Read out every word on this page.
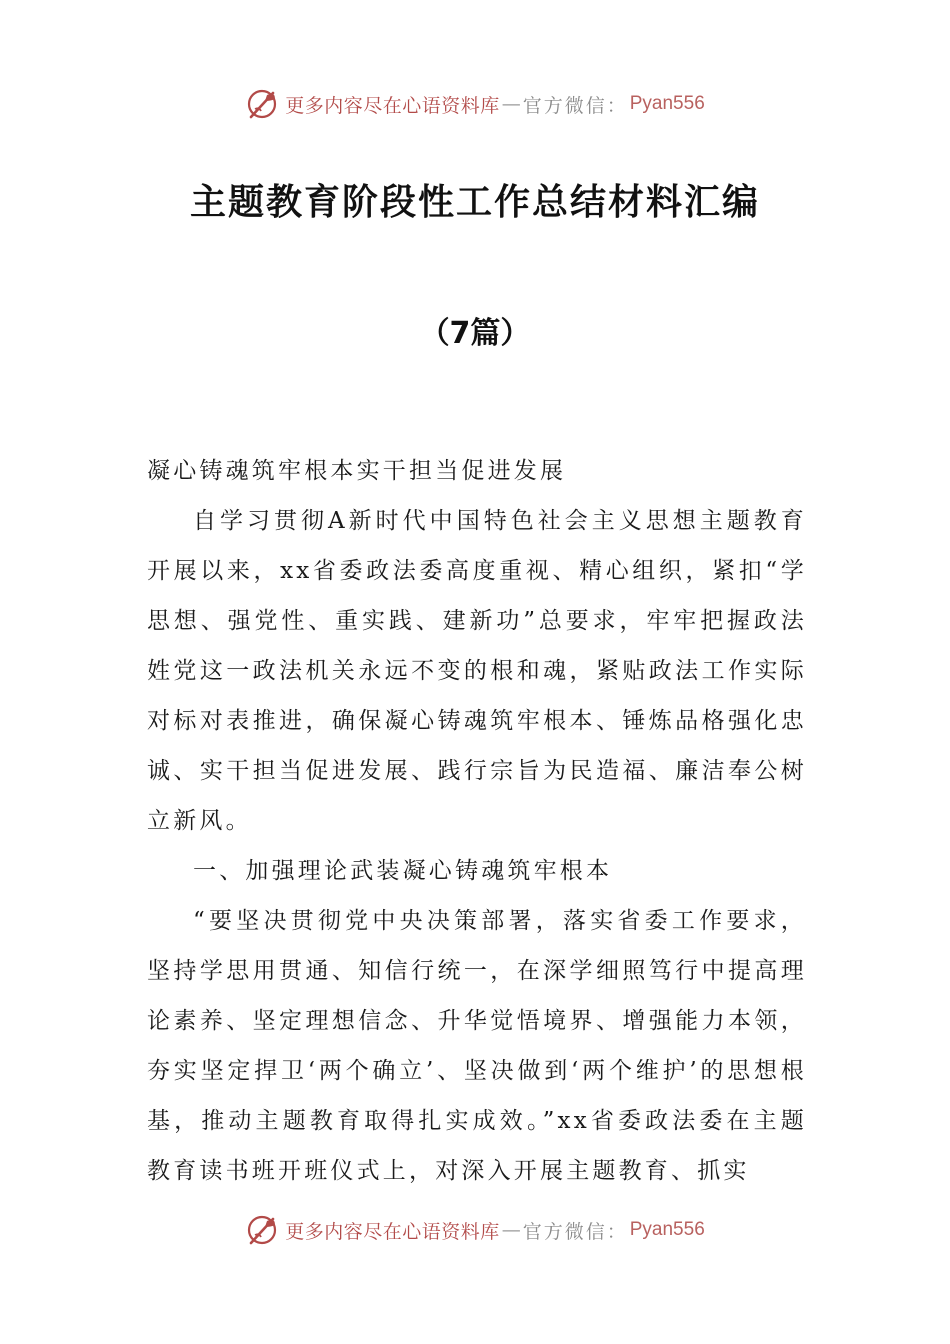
更多内容尽在心语资料库 — 官方微信： Pyan556
主题教育阶段性工作总结材料汇编
（7篇）

凝心铸魂筑牢根本实干担当促进发展

自学习贯彻A新时代中国特色社会主义思想主题教育开展以来，xx省委政法委高度重视、精心组织，紧扣“学思想、强党性、重实践、建新功”总要求，牢牢把握政法姓党这一政法机关永远不变的根和魂，紧贴政法工作实际对标对表推进，确保凝心铸魂筑牢根本、锤炼品格强化忠诚、实干担当促进发展、践行宗旨为民造福、廉洁奉公树立新风。

一、加强理论武装凝心铸魂筑牢根本

“要坚决贯彻党中央决策部署，落实省委工作要求，坚持学思用贯通、知信行统一，在深学细照笃行中提高理论素养、坚定理想信念、升华觉悟境界、增强能力本领，夯实坚定捍卫‘两个确立’、坚决做到‘两个维护’的思想根基，推动主题教育取得扎实成效。”xx省委政法委在主题教育读书班开班仪式上，对深入开展主题教育、抓实

更多内容尽在心语资料库 — 官方微信： Pyan556
